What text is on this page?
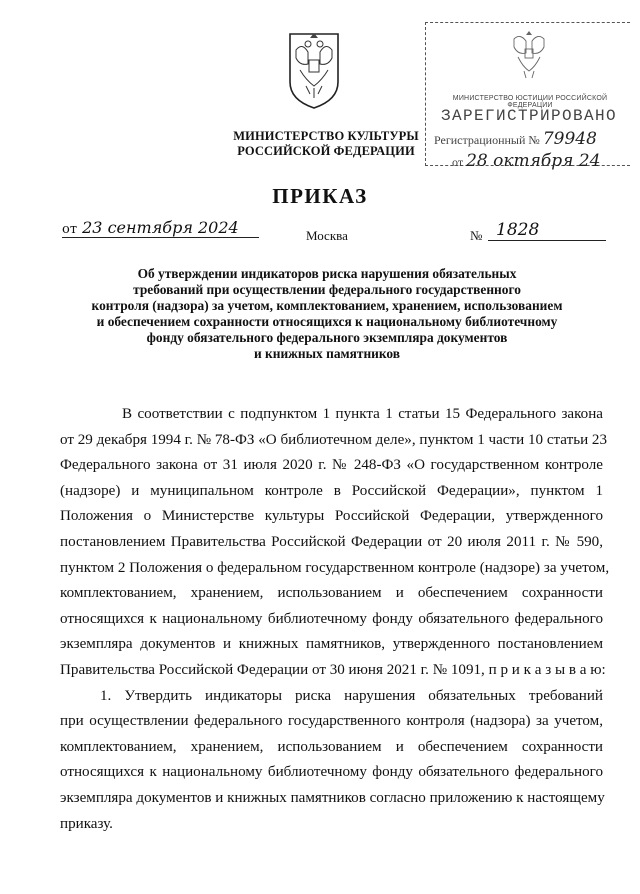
МИНИСТЕРСТВО КУЛЬТУРЫ
РОССИЙСКОЙ ФЕДЕРАЦИИ
МИНИСТЕРСТВО ЮСТИЦИИ РОССИЙСКОЙ ФЕДЕРАЦИИ
ЗАРЕГИСТРИРОВАНО
Регистрационный № 79948
от 28 октября 24
ПРИКАЗ
от 23 сентября 2024	Москва	№ 1828
Об утверждении индикаторов риска нарушения обязательных
требований при осуществлении федерального государственного
контроля (надзора) за учетом, комплектованием, хранением, использованием
и обеспечением сохранности относящихся к национальному библиотечному
фонду обязательного федерального экземпляра документов
и книжных памятников
В соответствии с подпунктом 1 пункта 1 статьи 15 Федерального закона
от 29 декабря 1994 г. № 78-ФЗ «О библиотечном деле», пунктом 1 части 10 статьи 23
Федерального закона от 31 июля 2020 г. № 248-ФЗ «О государственном контроле
(надзоре) и муниципальном контроле в Российской Федерации», пунктом 1
Положения о Министерстве культуры Российской Федерации, утвержденного
постановлением Правительства Российской Федерации от 20 июля 2011 г. № 590,
пунктом 2 Положения о федеральном государственном контроле (надзоре) за учетом,
комплектованием, хранением, использованием и обеспечением сохранности
относящихся к национальному библиотечному фонду обязательного федерального
экземпляра документов и книжных памятников, утвержденного постановлением
Правительства Российской Федерации от 30 июня 2021 г. № 1091, п р и к а з ы в а ю:
1. Утвердить индикаторы риска нарушения обязательных требований
при осуществлении федерального государственного контроля (надзора) за учетом,
комплектованием, хранением, использованием и обеспечением сохранности
относящихся к национальному библиотечному фонду обязательного федерального
экземпляра документов и книжных памятников согласно приложению к настоящему
приказу.
